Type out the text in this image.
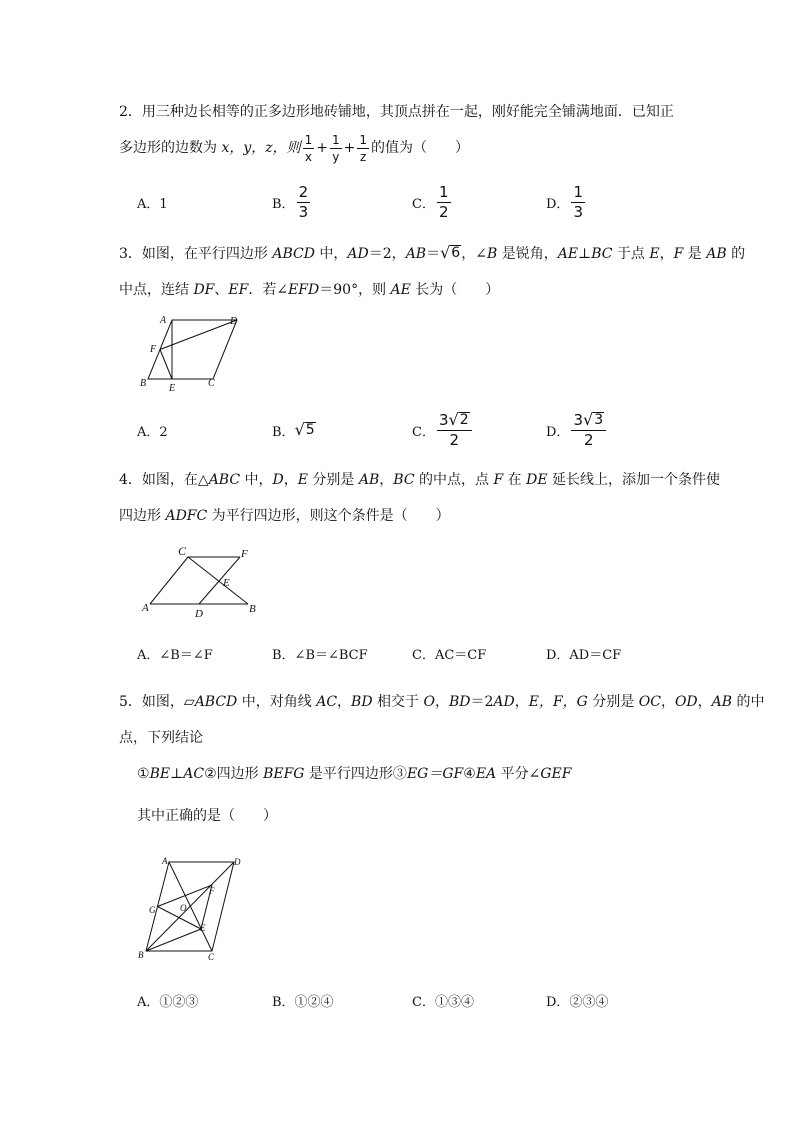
2．用三种边长相等的正多边形地砖铺地，其顶点拼在一起，刚好能完全铺满地面．已知正
多边形的边数为 x，y，z，则 $\frac{1}{x} + \frac{1}{y} + \frac{1}{z}$ 的值为（　　）
A．1	B． $\frac{2}{3}$	C． $\frac{1}{2}$	D． $\frac{1}{3}$
3．如图，在平行四边形 ABCD 中，AD＝2，AB＝ √ 6 ，∠B 是锐角，AE⊥BC 于点 E，F 是 AB 的
中点，连结 DF、EF．若∠EFD＝90°，则 AE 长为（　　）
A	D
F
B E	C
A．2	B． √ 5	C． $\frac{3 √ 2}{2}$	D． $\frac{3 √ 3}{2}$
4．如图，在△ABC 中，D，E 分别是 AB，BC 的中点，点 F 在 DE 延长线上，添加一个条件使
四边形 ADFC 为平行四边形，则这个条件是（　　）
C	F
E
A	D	B
A．∠B＝∠F	B．∠B＝∠BCF	C．AC＝CF	D．AD＝CF
5．如图，▱ABCD 中，对角线 AC，BD 相交于 O，BD＝2AD，E，F，G 分别是 OC，OD，AB 的中
点，下列结论
①BE⊥AC②四边形 BEFG 是平行四边形③EG＝GF④EA 平分∠GEF
其中正确的是（　　）
A	D
F
G	O
E
B	C
A．①②③	B．①②④	C．①③④	D．②③④
